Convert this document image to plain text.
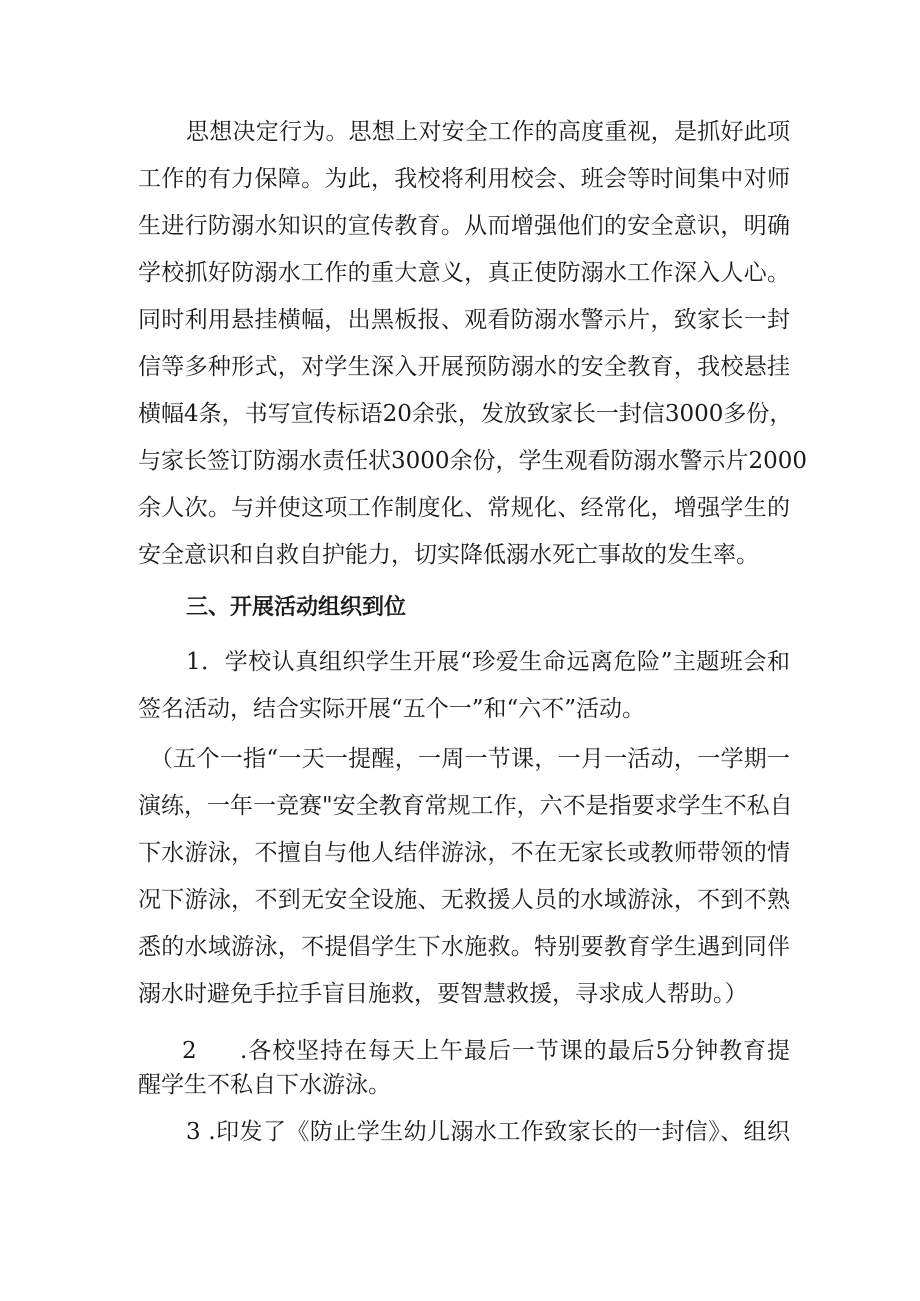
思想决定行为。思想上对安全工作的高度重视，是抓好此项
工作的有力保障。为此，我校将利用校会、班会等时间集中对师
生进行防溺水知识的宣传教育。从而增强他们的安全意识，明确
学校抓好防溺水工作的重大意义，真正使防溺水工作深入人心。
同时利用悬挂横幅，出黑板报、观看防溺水警示片，致家长一封
信等多种形式，对学生深入开展预防溺水的安全教育，我校悬挂
横幅4条，书写宣传标语20余张，发放致家长一封信3000多份，
与家长签订防溺水责任状3000余份，学生观看防溺水警示片2000
余人次。与并使这项工作制度化、常规化、经常化，增强学生的
安全意识和自救自护能力，切实降低溺水死亡事故的发生率。
三、开展活动组织到位
1．学校认真组织学生开展“珍爱生命远离危险”主题班会和
签名活动，结合实际开展“五个一”和“六不”活动。
（五个一指“一天一提醒，一周一节课，一月一活动，一学期一
演练，一年一竞赛"安全教育常规工作，六不是指要求学生不私自
下水游泳，不擅自与他人结伴游泳，不在无家长或教师带领的情
况下游泳，不到无安全设施、无救援人员的水域游泳，不到不熟
悉的水域游泳，不提倡学生下水施救。特别要教育学生遇到同伴
溺水时避免手拉手盲目施救，要智慧救援，寻求成人帮助。）
2 .各校坚持在每天上午最后一节课的最后5分钟教育提
醒学生不私自下水游泳。
3 .印发了《防止学生幼儿溺水工作致家长的一封信》、组织
